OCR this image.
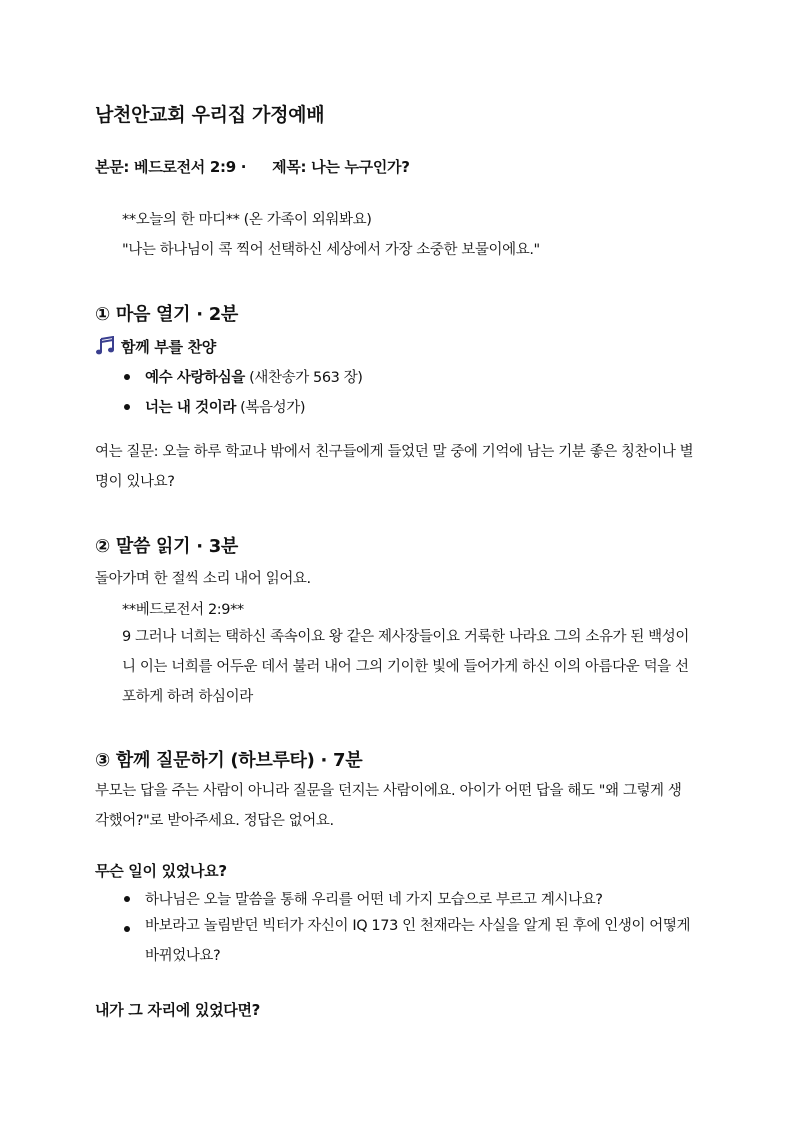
남천안교회 우리집 가정예배
본문: 베드로전서 2:9 · 제목: 나는 누구인가?
**오늘의 한 마디** (온 가족이 외워봐요)
"나는 하나님이 콕 찍어 선택하신 세상에서 가장 소중한 보물이에요."
① 마음 열기 · 2분
함께 부를 찬양
예수 사랑하심을 (새찬송가 563 장)
너는 내 것이라 (복음성가)
여는 질문: 오늘 하루 학교나 밖에서 친구들에게 들었던 말 중에 기억에 남는 기분 좋은 칭찬이나 별명이 있나요?
② 말씀 읽기 · 3분
돌아가며 한 절씩 소리 내어 읽어요.
**베드로전서 2:9**
9 그러나 너희는 택하신 족속이요 왕 같은 제사장들이요 거룩한 나라요 그의 소유가 된 백성이니 이는 너희를 어두운 데서 불러 내어 그의 기이한 빛에 들어가게 하신 이의 아름다운 덕을 선포하게 하려 하심이라
③ 함께 질문하기 (하브루타) · 7분
부모는 답을 주는 사람이 아니라 질문을 던지는 사람이에요. 아이가 어떤 답을 해도 "왜 그렇게 생각했어?"로 받아주세요. 정답은 없어요.
무슨 일이 있었나요?
하나님은 오늘 말씀을 통해 우리를 어떤 네 가지 모습으로 부르고 계시나요?
바보라고 놀림받던 빅터가 자신이 IQ 173 인 천재라는 사실을 알게 된 후에 인생이 어떻게 바뀌었나요?
내가 그 자리에 있었다면?
